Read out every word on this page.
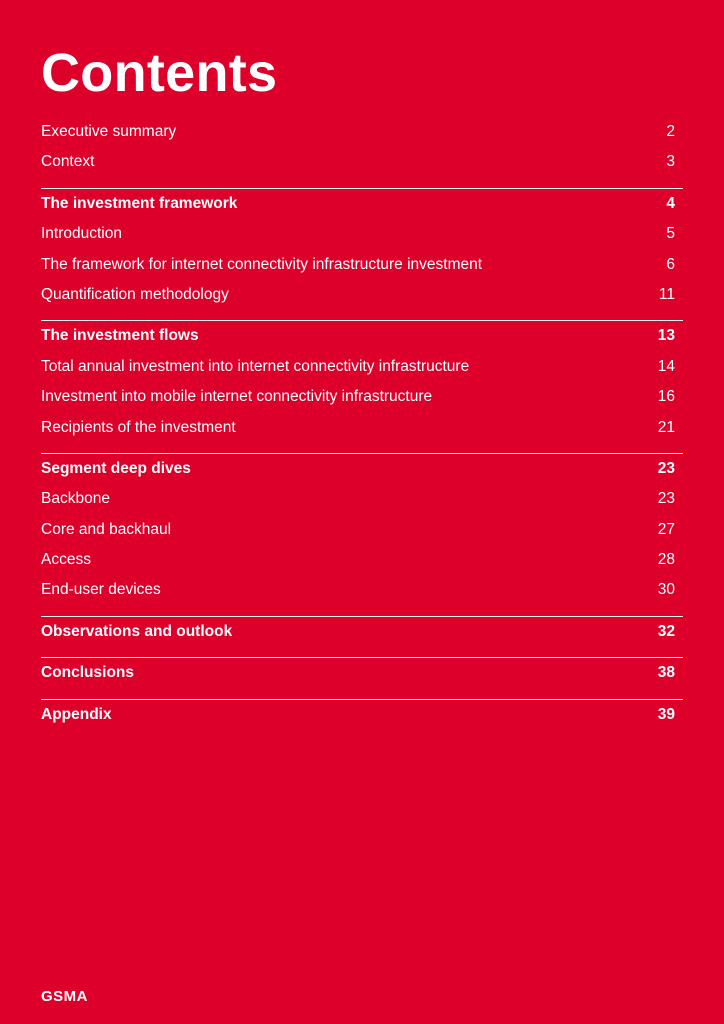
Contents
Executive summary	2
Context	3
The investment framework	4
Introduction	5
The framework for internet connectivity infrastructure investment	6
Quantification methodology	11
The investment flows	13
Total annual investment into internet connectivity infrastructure	14
Investment into mobile internet connectivity infrastructure	16
Recipients of the investment	21
Segment deep dives	23
Backbone	23
Core and backhaul	27
Access	28
End-user devices	30
Observations and outlook	32
Conclusions	38
Appendix	39
GSMA
